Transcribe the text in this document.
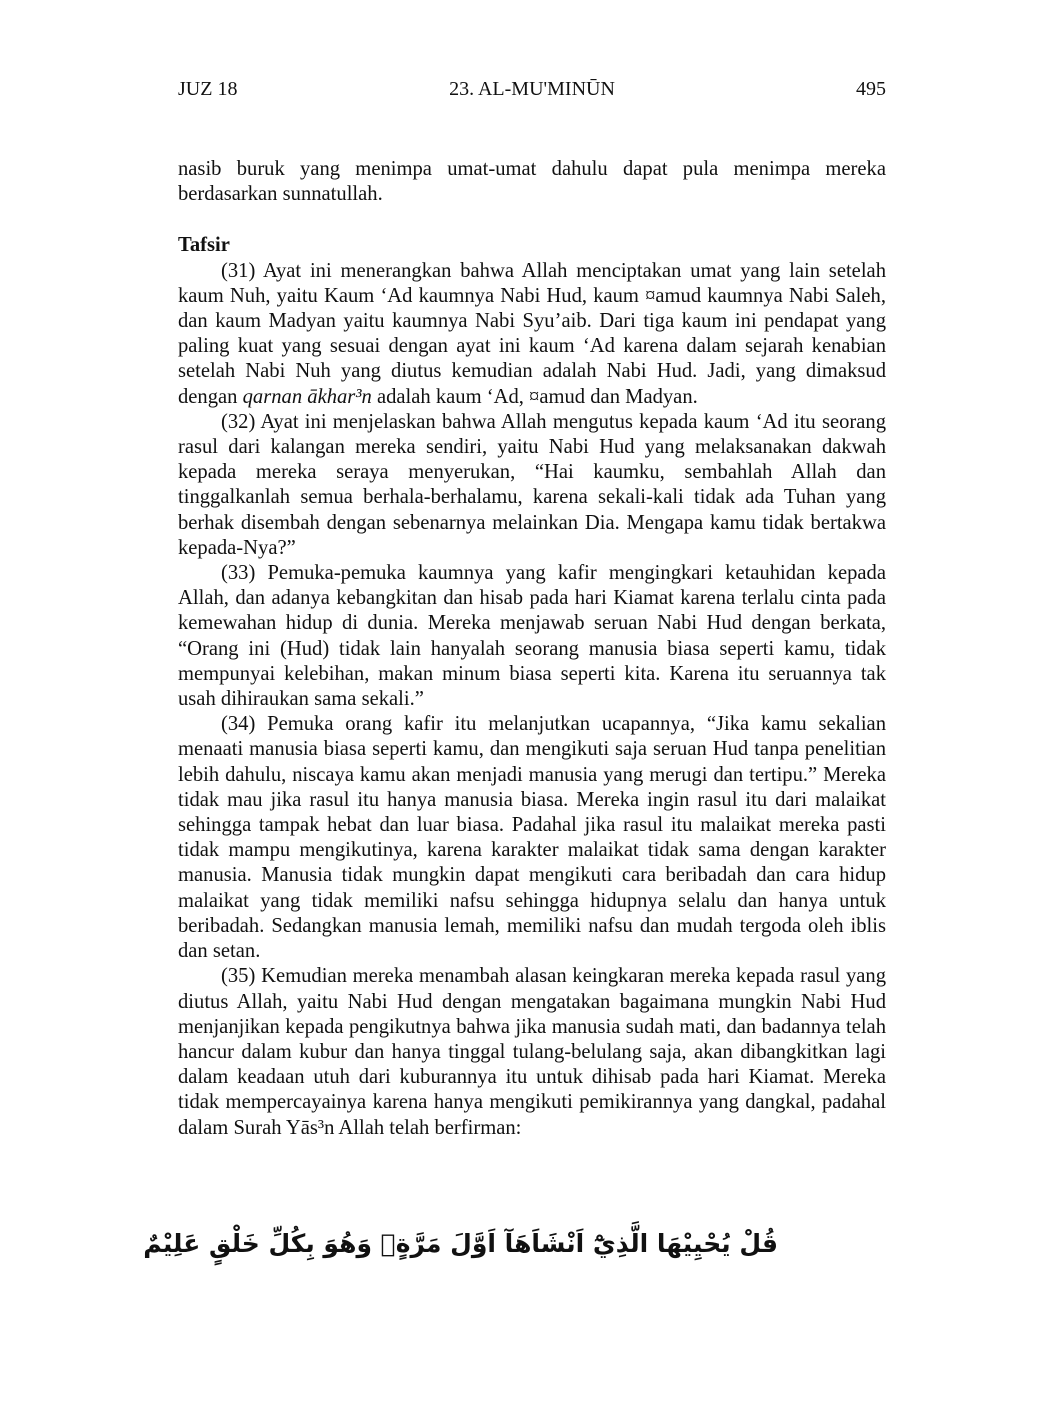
JUZ 18	23. AL-MU'MINŪN	495

nasib buruk yang menimpa umat-umat dahulu dapat pula menimpa mereka berdasarkan sunnatullah.

Tafsir

(31) Ayat ini menerangkan bahwa Allah menciptakan umat yang lain setelah kaum Nuh, yaitu Kaum ‘Ad kaumnya Nabi Hud, kaum ¤amud kaumnya Nabi Saleh, dan kaum Madyan yaitu kaumnya Nabi Syu’aib. Dari tiga kaum ini pendapat yang paling kuat yang sesuai dengan ayat ini kaum ‘Ad karena dalam sejarah kenabian setelah Nabi Nuh yang diutus kemudian adalah Nabi Hud. Jadi, yang dimaksud dengan qarnan ākhar³n adalah kaum ‘Ad, ¤amud dan Madyan.

(32) Ayat ini menjelaskan bahwa Allah mengutus kepada kaum ‘Ad itu seorang rasul dari kalangan mereka sendiri, yaitu Nabi Hud yang melaksanakan dakwah kepada mereka seraya menyerukan, “Hai kaumku, sembahlah Allah dan tinggalkanlah semua berhala-berhalamu, karena sekali-kali tidak ada Tuhan yang berhak disembah dengan sebenarnya melainkan Dia. Mengapa kamu tidak bertakwa kepada-Nya?”

(33) Pemuka-pemuka kaumnya yang kafir mengingkari ketauhidan kepada Allah, dan adanya kebangkitan dan hisab pada hari Kiamat karena terlalu cinta pada kemewahan hidup di dunia. Mereka menjawab seruan Nabi Hud dengan berkata, “Orang ini (Hud) tidak lain hanyalah seorang manusia biasa seperti kamu, tidak mempunyai kelebihan, makan minum biasa seperti kita. Karena itu seruannya tak usah dihiraukan sama sekali.”

(34) Pemuka orang kafir itu melanjutkan ucapannya, “Jika kamu sekalian menaati manusia biasa seperti kamu, dan mengikuti saja seruan Hud tanpa penelitian lebih dahulu, niscaya kamu akan menjadi manusia yang merugi dan tertipu.” Mereka tidak mau jika rasul itu hanya manusia biasa. Mereka ingin rasul itu dari malaikat sehingga tampak hebat dan luar biasa. Padahal jika rasul itu malaikat mereka pasti tidak mampu mengikutinya, karena karakter malaikat tidak sama dengan karakter manusia. Manusia tidak mungkin dapat mengikuti cara beribadah dan cara hidup malaikat yang tidak memiliki nafsu sehingga hidupnya selalu dan hanya untuk beribadah. Sedangkan manusia lemah, memiliki nafsu dan mudah tergoda oleh iblis dan setan.

(35) Kemudian mereka menambah alasan keingkaran mereka kepada rasul yang diutus Allah, yaitu Nabi Hud dengan mengatakan bagaimana mungkin Nabi Hud menjanjikan kepada pengikutnya bahwa jika manusia sudah mati, dan badannya telah hancur dalam kubur dan hanya tinggal tulang-belulang saja, akan dibangkitkan lagi dalam keadaan utuh dari kuburannya itu untuk dihisab pada hari Kiamat. Mereka tidak mempercayainya karena hanya mengikuti pemikirannya yang dangkal, padahal dalam Surah Yās³n Allah telah berfirman:

قُلْ يُحْيِيْهَا الَّذِيْٓ اَنْشَاَهَآ اَوَّلَ مَرَّةٍۗ وَهُوَ بِكُلِّ خَلْقٍ عَلِيْمٌ
